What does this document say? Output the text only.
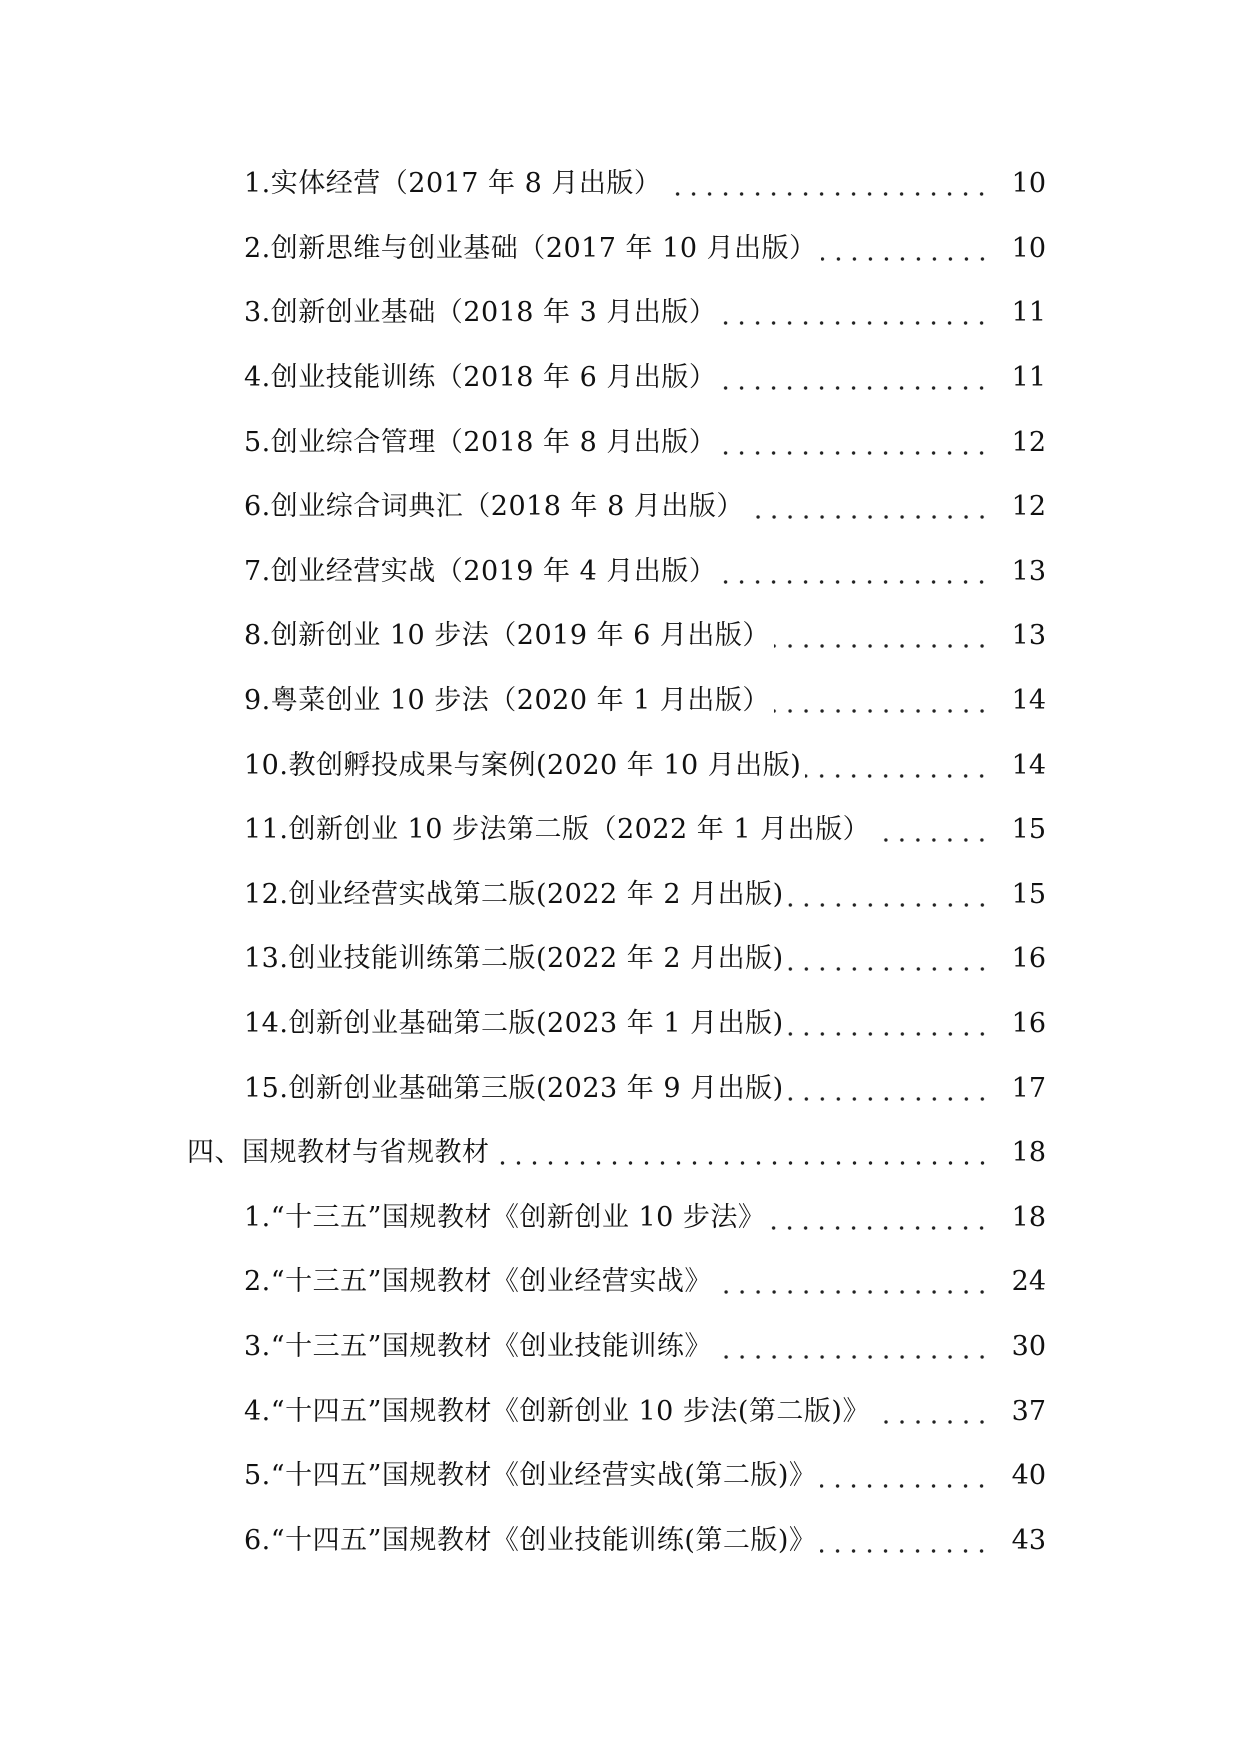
1.实体经营（2017 年 8 月出版）	10
2.创新思维与创业基础（2017 年 10 月出版）	10
3.创新创业基础（2018 年 3 月出版）	11
4.创业技能训练（2018 年 6 月出版）	11
5.创业综合管理（2018 年 8 月出版）	12
6.创业综合词典汇（2018 年 8 月出版）	12
7.创业经营实战（2019 年 4 月出版）	13
8.创新创业 10 步法（2019 年 6 月出版）	13
9.粤菜创业 10 步法（2020 年 1 月出版）	14
10.教创孵投成果与案例(2020 年 10 月出版)	14
11.创新创业 10 步法第二版（2022 年 1 月出版）	15
12.创业经营实战第二版(2022 年 2 月出版)	15
13.创业技能训练第二版(2022 年 2 月出版)	16
14.创新创业基础第二版(2023 年 1 月出版)	16
15.创新创业基础第三版(2023 年 9 月出版)	17
四、国规教材与省规教材	18
1.“十三五”国规教材《创新创业 10 步法》	18
2.“十三五”国规教材《创业经营实战》	24
3.“十三五”国规教材《创业技能训练》	30
4.“十四五”国规教材《创新创业 10 步法(第二版)》	37
5.“十四五”国规教材《创业经营实战(第二版)》	40
6.“十四五”国规教材《创业技能训练(第二版)》	43
